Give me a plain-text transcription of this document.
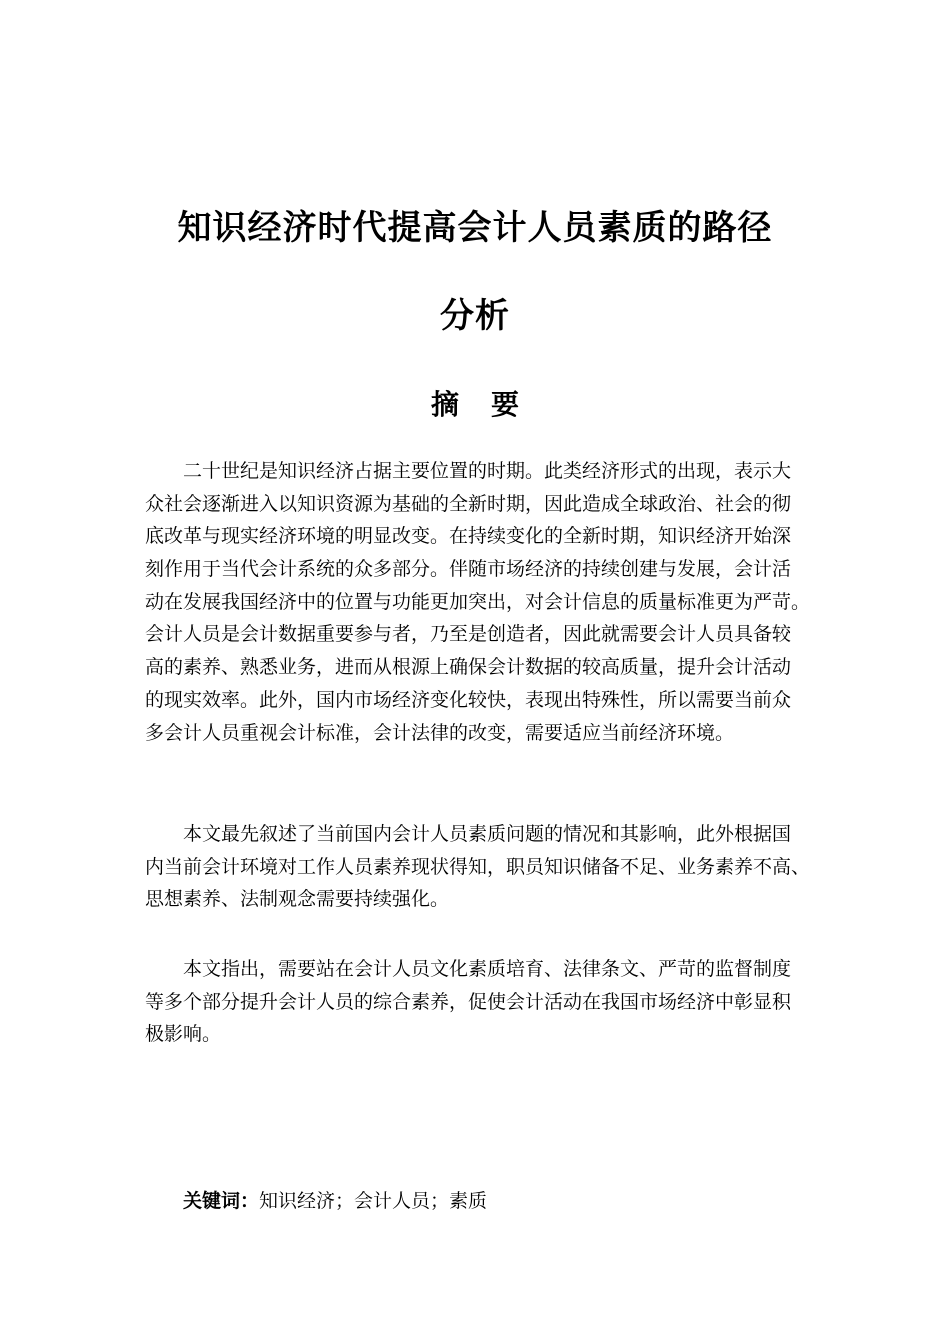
知识经济时代提高会计人员素质的路径
分析
摘 要
二十世纪是知识经济占据主要位置的时期。此类经济形式的出现，表示大
众社会逐渐进入以知识资源为基础的全新时期，因此造成全球政治、社会的彻
底改革与现实经济环境的明显改变。在持续变化的全新时期，知识经济开始深
刻作用于当代会计系统的众多部分。伴随市场经济的持续创建与发展，会计活
动在发展我国经济中的位置与功能更加突出，对会计信息的质量标准更为严苛。
会计人员是会计数据重要参与者，乃至是创造者，因此就需要会计人员具备较
高的素养、熟悉业务，进而从根源上确保会计数据的较高质量，提升会计活动
的现实效率。此外，国内市场经济变化较快，表现出特殊性，所以需要当前众
多会计人员重视会计标准，会计法律的改变，需要适应当前经济环境。
本文最先叙述了当前国内会计人员素质问题的情况和其影响，此外根据国
内当前会计环境对工作人员素养现状得知，职员知识储备不足、业务素养不高、
思想素养、法制观念需要持续强化。
本文指出，需要站在会计人员文化素质培育、法律条文、严苛的监督制度
等多个部分提升会计人员的综合素养，促使会计活动在我国市场经济中彰显积
极影响。
关键词：知识经济；会计人员；素质
